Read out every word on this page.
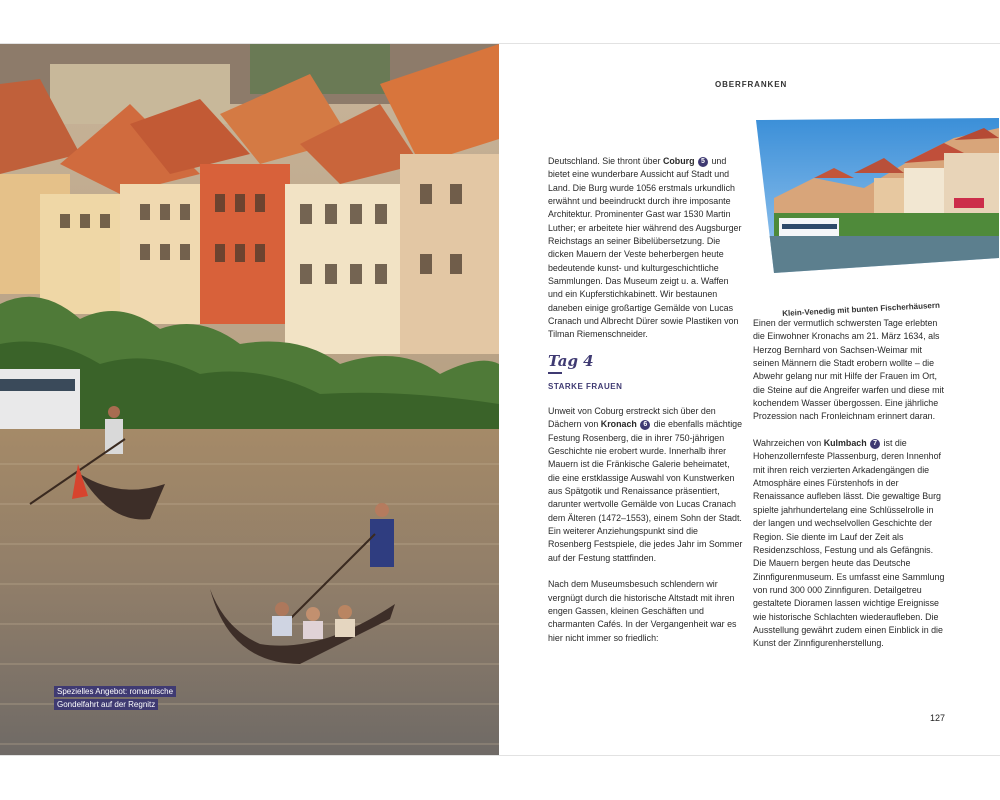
Spezielles Angebot: romantische
Gondelfahrt auf der Regnitz
OBERFRANKEN
Klein-Venedig mit bunten Fischerhäusern

Deutschland. Sie thront über Coburg 5 und bietet eine wunderbare Aussicht auf Stadt und Land. Die Burg wurde 1056 erstmals urkundlich erwähnt und beeindruckt durch ihre imposante Architektur. Prominenter Gast war 1530 Martin Luther; er arbeitete hier während des Augsburger Reichstags an seiner Bibelübersetzung. Die dicken Mauern der Veste beherbergen heute bedeutende kunst- und kulturgeschichtliche Sammlungen. Das Museum zeigt u. a. Waffen und ein Kupferstichkabinett. Wir bestaunen daneben einige großartige Gemälde von Lucas Cranach und Albrecht Dürer sowie Plastiken von Tilman Riemenschneider.

Tag 4
STARKE FRAUEN

Unweit von Coburg erstreckt sich über den Dächern von Kronach 6 die ebenfalls mächtige Festung Rosenberg, die in ihrer 750-jährigen Geschichte nie erobert wurde. Innerhalb ihrer Mauern ist die Fränkische Galerie beheimatet, die eine erstklassige Auswahl von Kunstwerken aus Spätgotik und Renaissance präsentiert, darunter wertvolle Gemälde von Lucas Cranach dem Älteren (1472–1553), einem Sohn der Stadt. Ein weiterer Anziehungspunkt sind die Rosenberg Festspiele, die jedes Jahr im Sommer auf der Festung stattfinden.

Nach dem Museumsbesuch schlendern wir vergnügt durch die historische Altstadt mit ihren engen Gassen, kleinen Geschäften und charmanten Cafés. In der Vergangenheit war es hier nicht immer so friedlich:

Einen der vermutlich schwersten Tage erlebten die Einwohner Kronachs am 21. März 1634, als Herzog Bernhard von Sachsen-Weimar mit seinen Männern die Stadt erobern wollte – die Abwehr gelang nur mit Hilfe der Frauen im Ort, die Steine auf die Angreifer warfen und diese mit kochendem Wasser übergossen. Eine jährliche Prozession nach Fronleichnam erinnert daran.

Wahrzeichen von Kulmbach 7 ist die Hohenzollernfeste Plassenburg, deren Innenhof mit ihren reich verzierten Arkadengängen die Atmosphäre eines Fürstenhofs in der Renaissance aufleben lässt. Die gewaltige Burg spielte jahrhundertelang eine Schlüsselrolle in der langen und wechselvollen Geschichte der Region. Sie diente im Lauf der Zeit als Residenzschloss, Festung und als Gefängnis. Die Mauern bergen heute das Deutsche Zinnfigurenmuseum. Es umfasst eine Sammlung von rund 300 000 Zinnfiguren. Detailgetreu gestaltete Dioramen lassen wichtige Ereignisse wie historische Schlachten wiederaufleben. Die Ausstellung gewährt zudem einen Einblick in die Kunst der Zinnfigurenherstellung.

127
